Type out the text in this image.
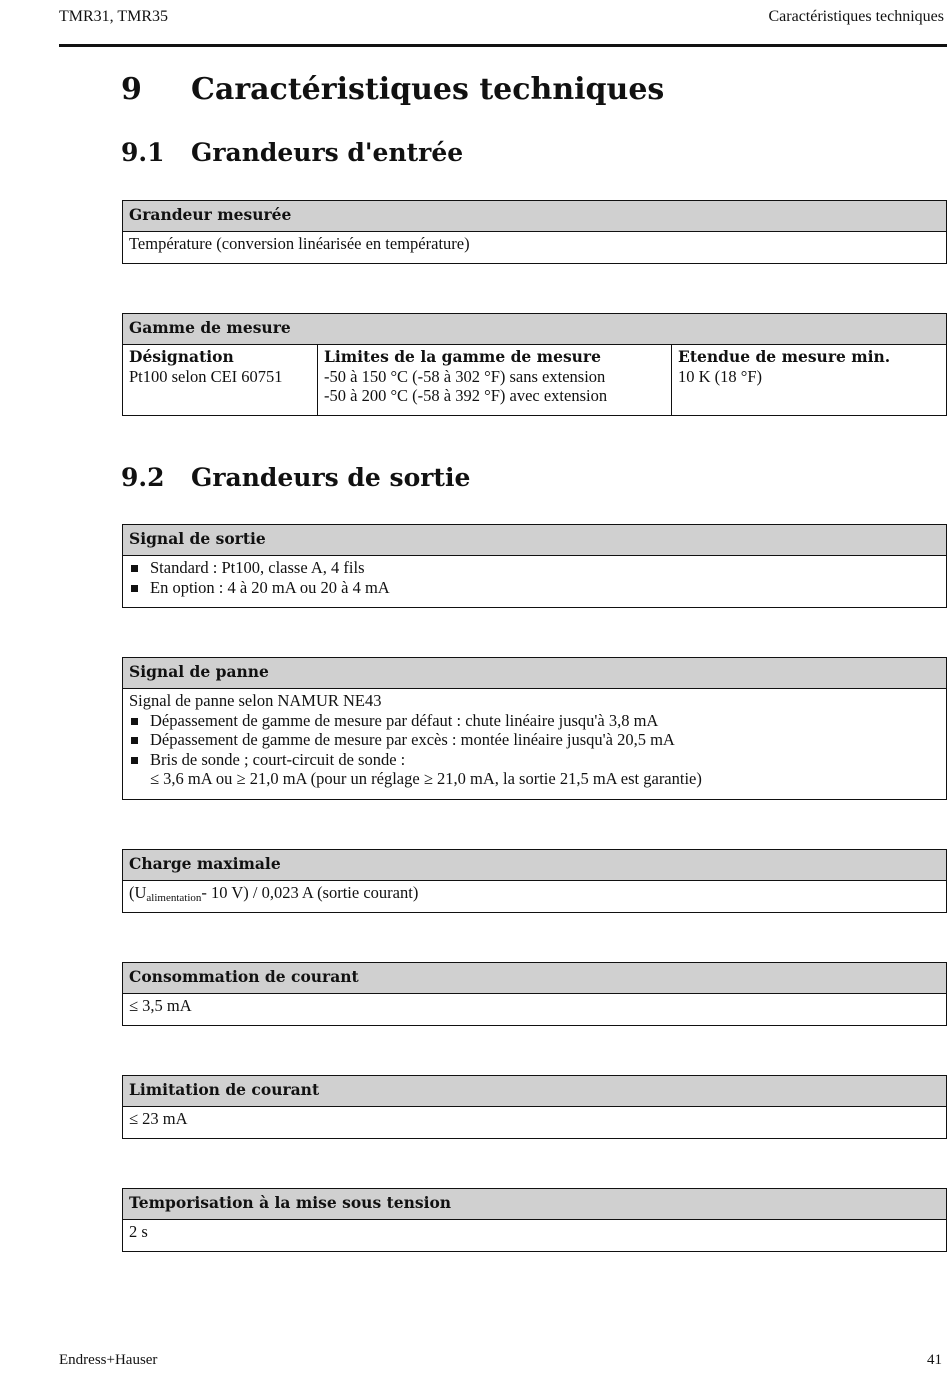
TMR31, TMR35	Caractéristiques techniques
9 Caractéristiques techniques
9.1 Grandeurs d'entrée
Grandeur mesurée
Température (conversion linéarisée en température)
Gamme de mesure
Désignation
Pt100 selon CEI 60751
Limites de la gamme de mesure
-50 à 150 °C (-58 à 302 °F) sans extension
-50 à 200 °C (-58 à 392 °F) avec extension
Etendue de mesure min.
10 K (18 °F)
9.2 Grandeurs de sortie
Signal de sortie
Standard : Pt100, classe A, 4 fils
En option : 4 à 20 mA ou 20 à 4 mA
Signal de panne
Signal de panne selon NAMUR NE43
Dépassement de gamme de mesure par défaut : chute linéaire jusqu'à 3,8 mA
Dépassement de gamme de mesure par excès : montée linéaire jusqu'à 20,5 mA
Bris de sonde ; court-circuit de sonde :
≤ 3,6 mA ou ≥ 21,0 mA (pour un réglage ≥ 21,0 mA, la sortie 21,5 mA est garantie)
Charge maximale
($U_{alimentation}-$ 10 V) / 0,023 A (sortie courant)
Consommation de courant
≤ 3,5 mA
Limitation de courant
≤ 23 mA
Temporisation à la mise sous tension
2 s
Endress+Hauser	41
